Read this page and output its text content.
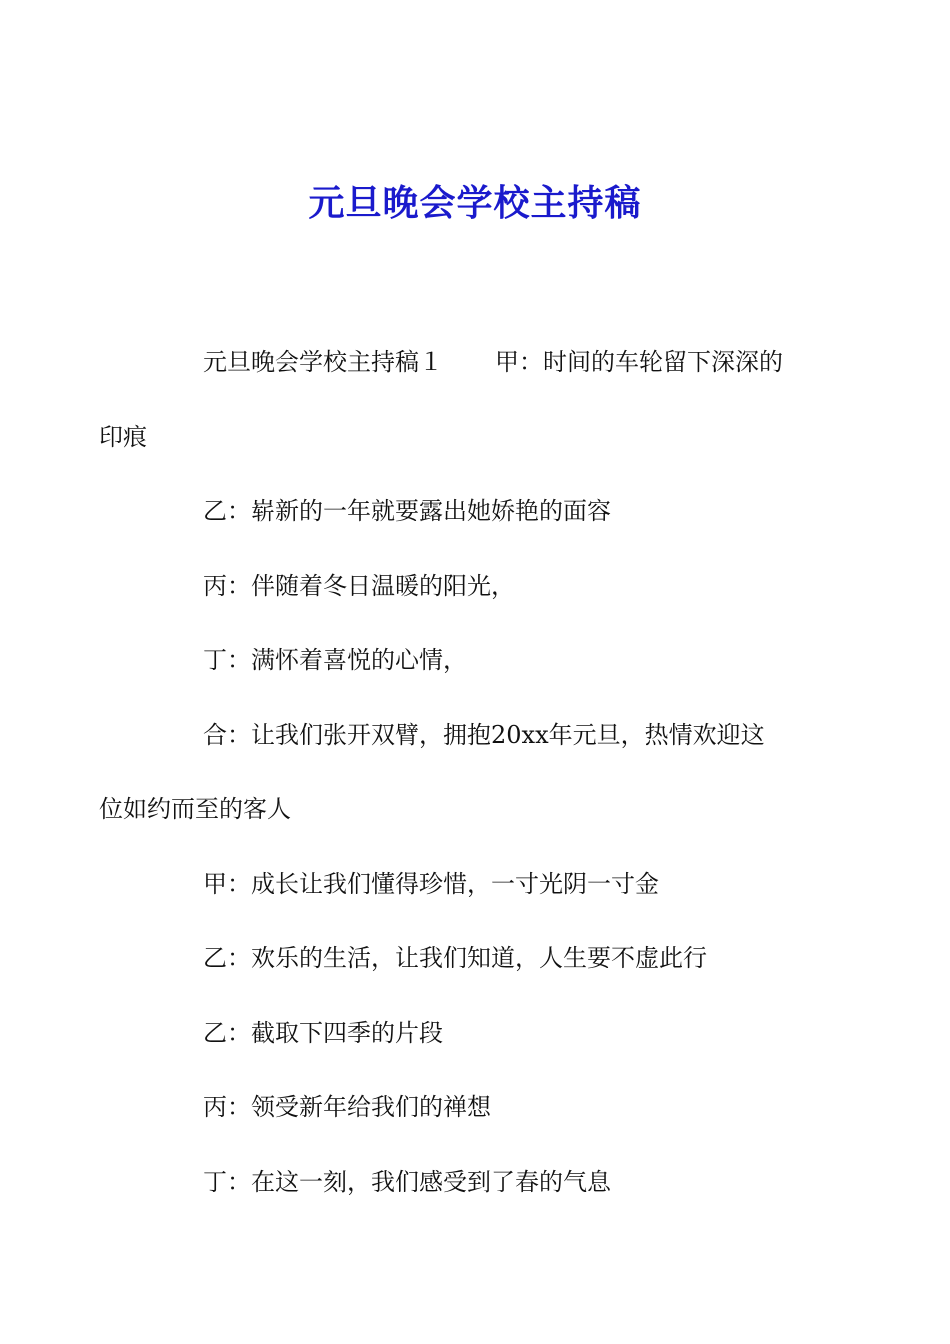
元旦晚会学校主持稿

元旦晚会学校主持稿１ 甲：时间的车轮留下深深的
印痕

乙：崭新的一年就要露出她娇艳的面容

丙：伴随着冬日温暖的阳光，

丁：满怀着喜悦的心情，

合：让我们张开双臂，拥抱20xx年元旦，热情欢迎这
位如约而至的客人

甲：成长让我们懂得珍惜，一寸光阴一寸金

乙：欢乐的生活，让我们知道，人生要不虚此行

乙：截取下四季的片段

丙：领受新年给我们的禅想

丁：在这一刻，我们感受到了春的气息
